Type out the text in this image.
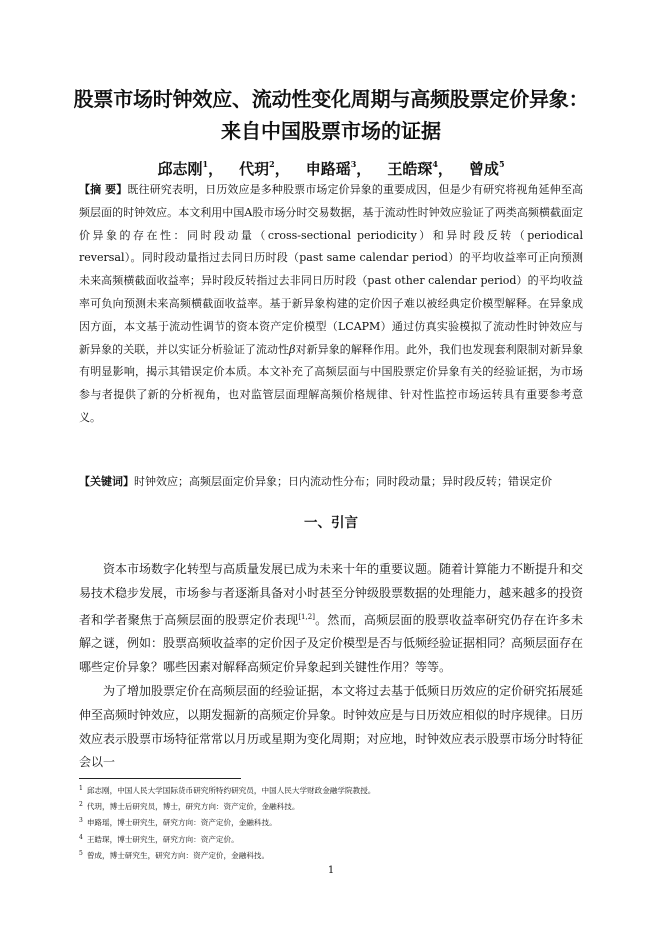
股票市场时钟效应、流动性变化周期与高频股票定价异象：
来自中国股票市场的证据
邱志刚$^1$， 代玥$^2$， 申路瑶$^3$， 王皓琛$^4$， 曾成$^5$
【摘 要】既往研究表明，日历效应是多种股票市场定价异象的重要成因，但是少有研究将视角延伸至高频层面的时钟效应。本文利用中国A股市场分时交易数据，基于流动性时钟效应验证了两类高频横截面定价异象的存在性：同时段动量（cross-sectional periodicity）和异时段反转（periodical reversal）。同时段动量指过去同日历时段（past same calendar period）的平均收益率可正向预测未来高频横截面收益率；异时段反转指过去非同日历时段（past other calendar period）的平均收益率可负向预测未来高频横截面收益率。基于新异象构建的定价因子难以被经典定价模型解释。在异象成因方面，本文基于流动性调节的资本资产定价模型（LCAPM）通过仿真实验模拟了流动性时钟效应与新异象的关联，并以实证分析验证了流动性β对新异象的解释作用。此外，我们也发现套利限制对新异象有明显影响，揭示其错误定价本质。本文补充了高频层面与中国股票定价异象有关的经验证据，为市场参与者提供了新的分析视角，也对监管层面理解高频价格规律、针对性监控市场运转具有重要参考意义。
【关键词】时钟效应；高频层面定价异象；日内流动性分布；同时段动量；异时段反转；错误定价
一、引言

资本市场数字化转型与高质量发展已成为未来十年的重要议题。随着计算能力不断提升和交易技术稳步发展，市场参与者逐渐具备对小时甚至分钟级股票数据的处理能力，越来越多的投资者和学者聚焦于高频层面的股票定价表现[1,2]。然而，高频层面的股票收益率研究仍存在许多未解之谜，例如：股票高频收益率的定价因子及定价模型是否与低频经验证据相同？高频层面存在哪些定价异象？哪些因素对解释高频定价异象起到关键性作用？等等。

为了增加股票定价在高频层面的经验证据，本文将过去基于低频日历效应的定价研究拓展延伸至高频时钟效应，以期发掘新的高频定价异象。时钟效应是与日历效应相似的时序规律。日历效应表示股票市场特征常常以月历或星期为变化周期；对应地，时钟效应表示股票市场分时特征会以一

$^1$ 邱志刚，中国人民大学国际货币研究所特约研究员，中国人民大学财政金融学院教授。
$^2$ 代玥，博士后研究员，博士，研究方向：资产定价，金融科技。
$^3$ 申路瑶，博士研究生，研究方向：资产定价，金融科技。
$^4$ 王皓琛，博士研究生，研究方向：资产定价。
$^5$ 曾成，博士研究生，研究方向：资产定价，金融科技。
1
